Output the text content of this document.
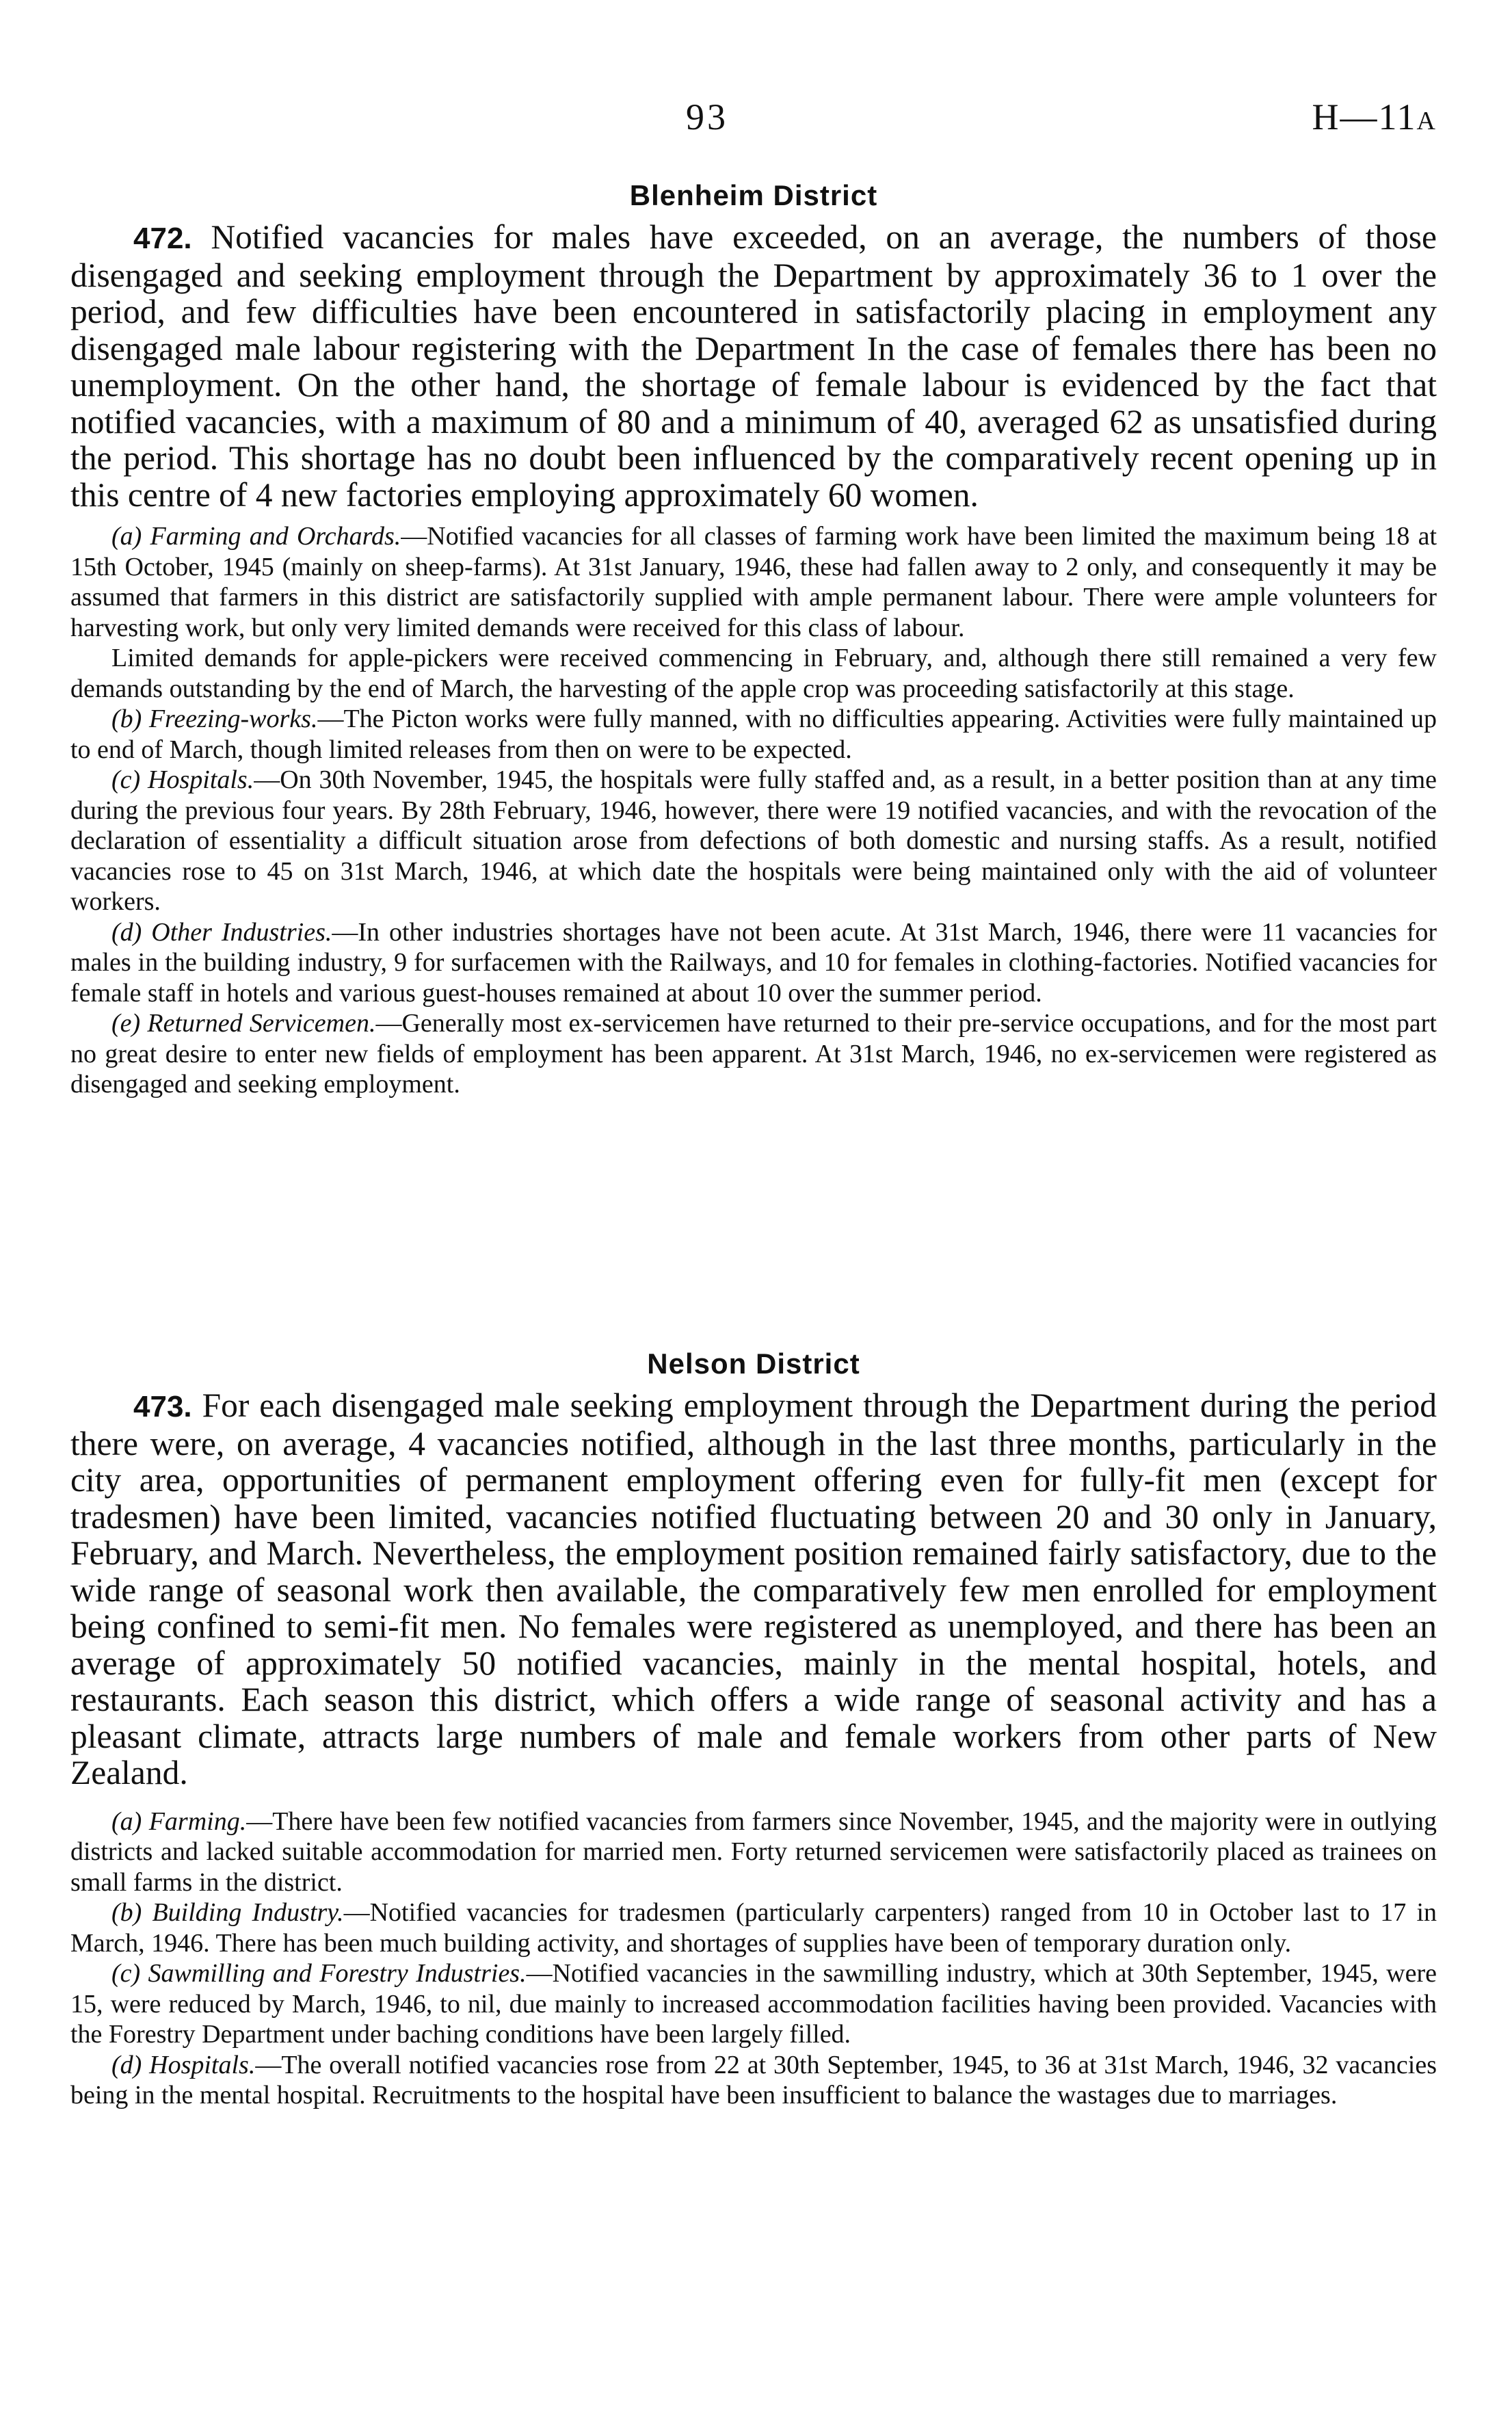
93	H—11A
Blenheim District

472. Notified vacancies for males have exceeded, on an average, the numbers of those disengaged and seeking employment through the Department by approximately 36 to 1 over the period, and few difficulties have been encountered in satisfactorily placing in employment any disengaged male labour registering with the Department In the case of females there has been no unemployment. On the other hand, the shortage of female labour is evidenced by the fact that notified vacancies, with a maximum of 80 and a minimum of 40, averaged 62 as unsatisfied during the period. This shortage has no doubt been influenced by the comparatively recent opening up in this centre of 4 new factories employing approximately 60 women.

(a) Farming and Orchards.—Notified vacancies for all classes of farming work have been limited the maximum being 18 at 15th October, 1945 (mainly on sheep-farms). At 31st January, 1946, these had fallen away to 2 only, and consequently it may be assumed that farmers in this district are satisfactorily supplied with ample permanent labour. There were ample volunteers for harvesting work, but only very limited demands were received for this class of labour.

Limited demands for apple-pickers were received commencing in February, and, although there still remained a very few demands outstanding by the end of March, the harvesting of the apple crop was proceeding satisfactorily at this stage.

(b) Freezing-works.—The Picton works were fully manned, with no difficulties appearing. Activities were fully maintained up to end of March, though limited releases from then on were to be expected.

(c) Hospitals.—On 30th November, 1945, the hospitals were fully staffed and, as a result, in a better position than at any time during the previous four years. By 28th February, 1946, however, there were 19 notified vacancies, and with the revocation of the declaration of essentiality a difficult situation arose from defections of both domestic and nursing staffs. As a result, notified vacancies rose to 45 on 31st March, 1946, at which date the hospitals were being maintained only with the aid of volunteer workers.

(d) Other Industries.—In other industries shortages have not been acute. At 31st March, 1946, there were 11 vacancies for males in the building industry, 9 for surfacemen with the Railways, and 10 for females in clothing-factories. Notified vacancies for female staff in hotels and various guest-houses remained at about 10 over the summer period.

(e) Returned Servicemen.—Generally most ex-servicemen have returned to their pre-service occupations, and for the most part no great desire to enter new fields of employment has been apparent. At 31st March, 1946, no ex-servicemen were registered as disengaged and seeking employment.

Nelson District

473. For each disengaged male seeking employment through the Department during the period there were, on average, 4 vacancies notified, although in the last three months, particularly in the city area, opportunities of permanent employment offering even for fully-fit men (except for tradesmen) have been limited, vacancies notified fluctuating between 20 and 30 only in January, February, and March. Nevertheless, the employment position remained fairly satisfactory, due to the wide range of seasonal work then available, the comparatively few men enrolled for employment being confined to semi-fit men. No females were registered as unemployed, and there has been an average of approximately 50 notified vacancies, mainly in the mental hospital, hotels, and restaurants. Each season this district, which offers a wide range of seasonal activity and has a pleasant climate, attracts large numbers of male and female workers from other parts of New Zealand.

(a) Farming.—There have been few notified vacancies from farmers since November, 1945, and the majority were in outlying districts and lacked suitable accommodation for married men. Forty returned servicemen were satisfactorily placed as trainees on small farms in the district.

(b) Building Industry.—Notified vacancies for tradesmen (particularly carpenters) ranged from 10 in October last to 17 in March, 1946. There has been much building activity, and shortages of supplies have been of temporary duration only.

(c) Sawmilling and Forestry Industries.—Notified vacancies in the sawmilling industry, which at 30th September, 1945, were 15, were reduced by March, 1946, to nil, due mainly to increased accommodation facilities having been provided. Vacancies with the Forestry Department under baching conditions have been largely filled.

(d) Hospitals.—The overall notified vacancies rose from 22 at 30th September, 1945, to 36 at 31st March, 1946, 32 vacancies being in the mental hospital. Recruitments to the hospital have been insufficient to balance the wastages due to marriages.
